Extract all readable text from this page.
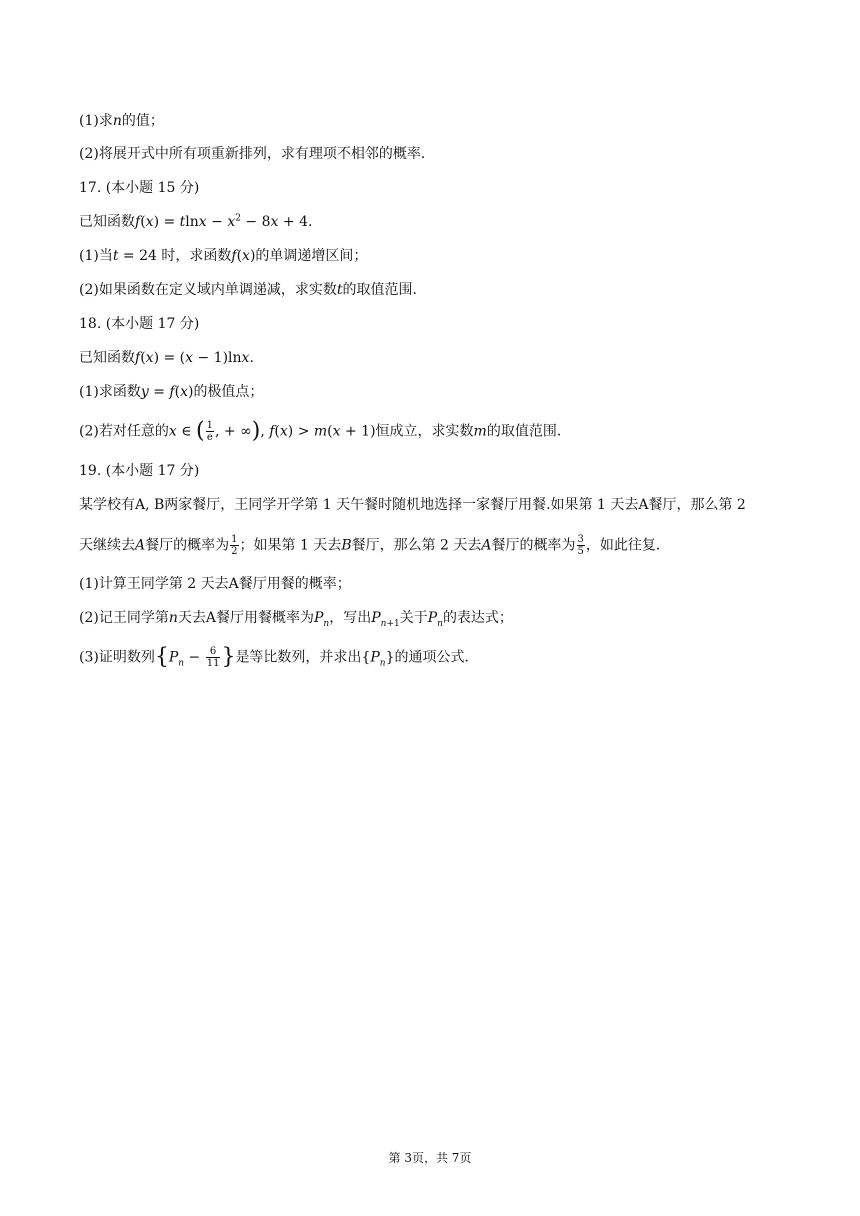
(1)求n的值；
(2)将展开式中所有项重新排列，求有理项不相邻的概率．
17. (本小题 15 分)
已知函数$f(x) = tlnx - x^2 - 8x + 4$.
(1)当t = 24 时，求函数f(x)的单调递增区间；
(2)如果函数在定义域内单调递减，求实数t的取值范围．
18. (本小题 17 分)
已知函数f(x) = (x − 1)lnx.
(1)求函数y = f(x)的极值点；
(2)若对任意的x ∈ ( $\frac{1}{e}$ , + ∞), f(x) > m(x + 1)恒成立，求实数m的取值范围．
19. (本小题 17 分)
某学校有A, B两家餐厅，王同学开学第 1 天午餐时随机地选择一家餐厅用餐.如果第 1 天去A餐厅，那么第 2
天继续去A餐厅的概率为 $\frac{1}{2}$ ；如果第 1 天去B餐厅，那么第 2 天去A餐厅的概率为 $\frac{3}{5}$ ，如此往复．
(1)计算王同学第 2 天去A餐厅用餐的概率；
(2)记王同学第n天去A餐厅用餐概率为$P_n$，写出$P_{n+1}$关于$P_n$的表达式；
(3)证明数列{$P_n - \frac{6}{11}$ }是等比数列，并求出$\{P_n\}$的通项公式．
第 3页，共 7页
